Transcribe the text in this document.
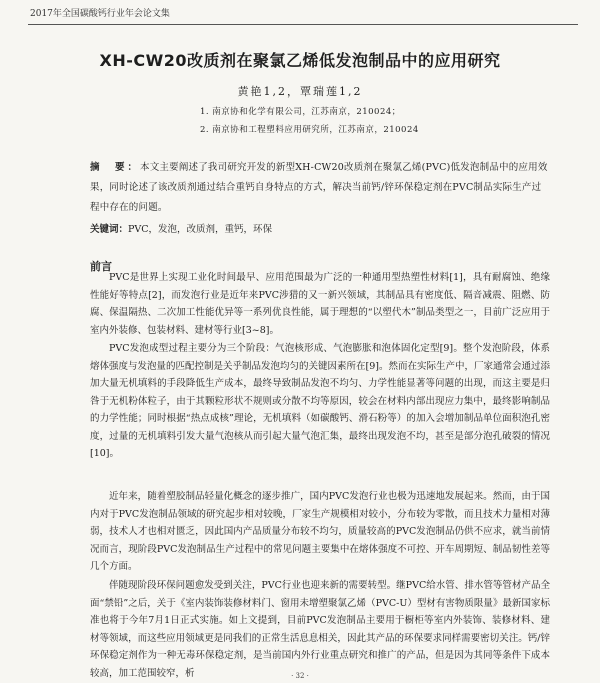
2017年全国碳酸钙行业年会论文集
XH-CW20改质剂在聚氯乙烯低发泡制品中的应用研究
黄艳1,2，覃瑞莲1,2
1. 南京协和化学有限公司，江苏南京，210024；
2. 南京协和工程塑料应用研究所，江苏南京，210024
摘　要：本文主要阐述了我司研究开发的新型XH-CW20改质剂在聚氯乙烯(PVC)低发泡制品中的应用效果，同时论述了该改质剂通过结合重钙自身特点的方式，解决当前钙/锌环保稳定剂在PVC制品实际生产过程中存在的问题。
关键词：PVC，发泡，改质剂，重钙，环保
前言

PVC是世界上实现工业化时间最早、应用范围最为广泛的一种通用型热塑性材料[1]，具有耐腐蚀、绝缘性能好等特点[2]，而发泡行业是近年来PVC涉猎的又一新兴领域，其制品具有密度低、隔音减震、阻燃、防腐、保温隔热、二次加工性能优异等一系列优良性能，属于理想的“以塑代木”制品类型之一，目前广泛应用于室内外装修、包装材料、建材等行业[3~8]。

PVC发泡成型过程主要分为三个阶段：气泡核形成、气泡膨胀和泡体固化定型[9]。整个发泡阶段，体系熔体强度与发泡量的匹配控制是关乎制品发泡均匀的关键因素所在[9]。然而在实际生产中，厂家通常会通过添加大量无机填料的手段降低生产成本，最终导致制品发泡不均匀、力学性能显著等问题的出现，而这主要是归咎于无机粉体粒子，由于其颗粒形状不规则或分散不均等原因，较会在材料内部出现应力集中，最终影响制品的力学性能；同时根据“热点成核”理论，无机填料（如碳酸钙、滑石粉等）的加入会增加制品单位面积泡孔密度，过量的无机填料引发大量气泡核从而引起大量气泡汇集，最终出现发泡不均，甚至是部分泡孔破裂的情况[10]。

近年来，随着塑胶制品轻量化概念的逐步推广，国内PVC发泡行业也极为迅速地发展起来。然而，由于国内对于PVC发泡制品领域的研究起步相对较晚，厂家生产规模相对较小，分布较为零散，而且技术力量相对薄弱，技术人才也相对匮乏，因此国内产品质量分布较不均匀，质量较高的PVC发泡制品仍供不应求，就当前情况而言，现阶段PVC发泡制品生产过程中的常见问题主要集中在熔体强度不可控、开车周期短、制品韧性差等几个方面。

伴随现阶段环保问题愈发受到关注，PVC行业也迎来新的需要转型。继PVC给水管、排水管等管材产品全面“禁铅”之后，关于《室内装饰装修材料门、窗用未增塑聚氯乙烯（PVC-U）型材有害物质限量》最新国家标准也将于今年7月1日正式实施。如上文提到，目前PVC发泡制品主要用于橱柜等室内外装饰、装修材料、建材等领域，而这些应用领域更是同我们的正常生活息息相关，因此其产品的环保要求同样需要密切关注。钙/锌环保稳定剂作为一种无毒环保稳定剂，是当前国内外行业重点研究和推广的产品，但是因为其同等条件下成本较高，加工范围较窄，析	· 32 ·
